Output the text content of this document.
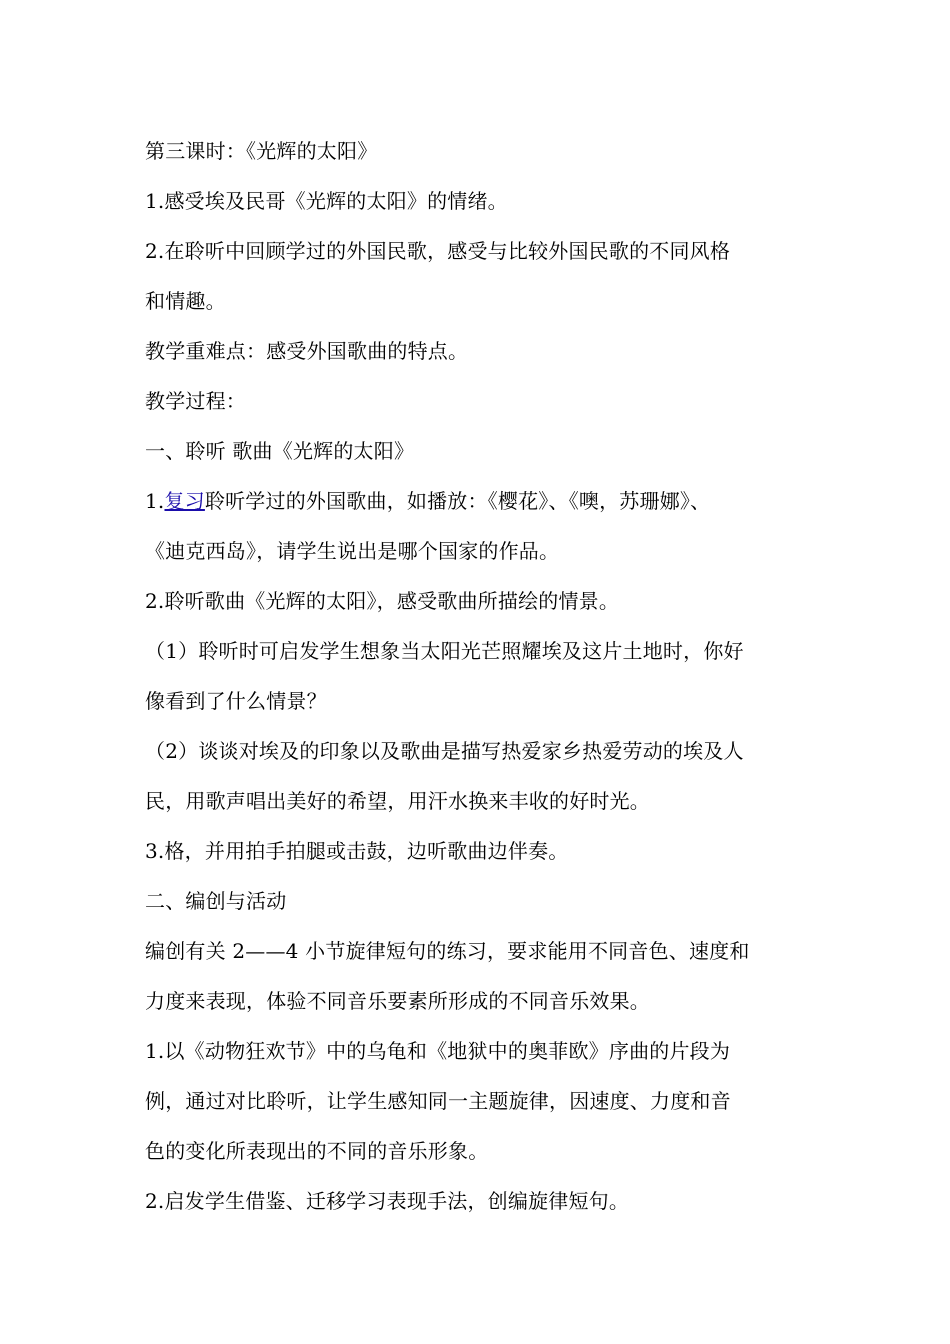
第三课时：《光辉的太阳》
1.感受埃及民哥《光辉的太阳》的情绪。
2.在聆听中回顾学过的外国民歌，感受与比较外国民歌的不同风格
和情趣。
教学重难点：感受外国歌曲的特点。
教学过程：
一、聆听 歌曲《光辉的太阳》
1.复习聆听学过的外国歌曲，如播放：《樱花》、《噢，苏珊娜》、
《迪克西岛》，请学生说出是哪个国家的作品。
2.聆听歌曲《光辉的太阳》，感受歌曲所描绘的情景。
（1）聆听时可启发学生想象当太阳光芒照耀埃及这片土地时，你好
像看到了什么情景？
（2）谈谈对埃及的印象以及歌曲是描写热爱家乡热爱劳动的埃及人
民，用歌声唱出美好的希望，用汗水换来丰收的好时光。
3.格，并用拍手拍腿或击鼓，边听歌曲边伴奏。
二、编创与活动
编创有关 2——4 小节旋律短句的练习，要求能用不同音色、速度和
力度来表现，体验不同音乐要素所形成的不同音乐效果。
1.以《动物狂欢节》中的乌龟和《地狱中的奥菲欧》序曲的片段为
例，通过对比聆听，让学生感知同一主题旋律，因速度、力度和音
色的变化所表现出的不同的音乐形象。
2.启发学生借鉴、迁移学习表现手法，创编旋律短句。
